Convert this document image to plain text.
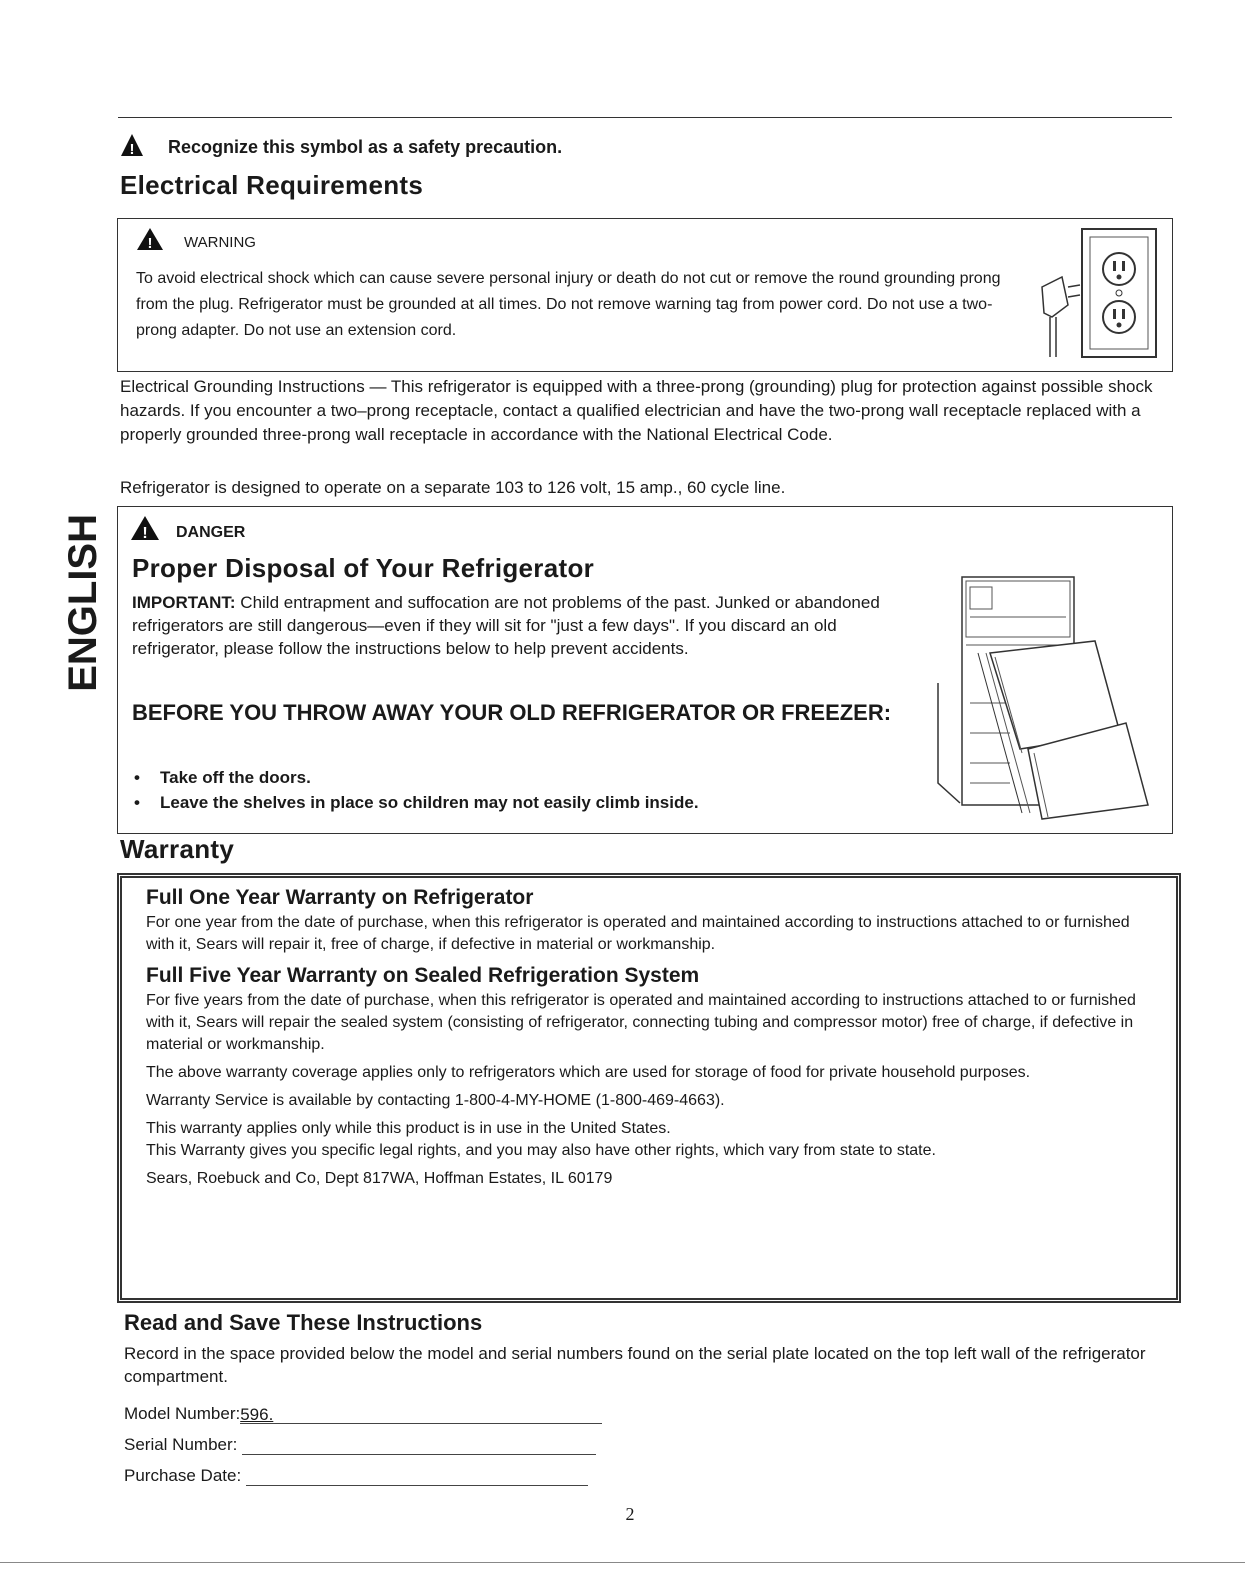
! Recognize this symbol as a safety precaution.
Electrical Requirements
! WARNING
To avoid electrical shock which can cause severe personal injury or death do not cut or remove the round grounding prong from the plug. Refrigerator must be grounded at all times. Do not remove warning tag from power cord. Do not use a two-prong adapter. Do not use an extension cord.
Electrical Grounding Instructions — This refrigerator is equipped with a three-prong (grounding) plug for protection against possible shock hazards. If you encounter a two–prong receptacle, contact a qualified electrician and have the two-prong wall receptacle replaced with a properly grounded three-prong wall receptacle in accordance with the National Electrical Code.
Refrigerator is designed to operate on a separate 103 to 126 volt, 15 amp., 60 cycle line.
ENGLISH ! DANGER
Proper Disposal of Your Refrigerator
IMPORTANT: Child entrapment and suffocation are not problems of the past. Junked or abandoned refrigerators are still dangerous—even if they will sit for "just a few days". If you discard an old refrigerator, please follow the instructions below to help prevent accidents.
BEFORE YOU THROW AWAY YOUR OLD REFRIGERATOR OR FREEZER:
• Take off the doors.
• Leave the shelves in place so children may not easily climb inside.
Warranty

Full One Year Warranty on Refrigerator

For one year from the date of purchase, when this refrigerator is operated and maintained according to instructions attached to or furnished with it, Sears will repair it, free of charge, if defective in material or workmanship.

Full Five Year Warranty on Sealed Refrigeration System

For five years from the date of purchase, when this refrigerator is operated and maintained according to instructions attached to or furnished with it, Sears will repair the sealed system (consisting of refrigerator, connecting tubing and compressor motor) free of charge, if defective in material or workmanship.

The above warranty coverage applies only to refrigerators which are used for storage of food for private household purposes.

Warranty Service is available by contacting 1-800-4-MY-HOME (1-800-469-4663).

This warranty applies only while this product is in use in the United States.

This Warranty gives you specific legal rights, and you may also have other rights, which vary from state to state.

Sears, Roebuck and Co, Dept 817WA, Hoffman Estates, IL 60179

Read and Save These Instructions
Record in the space provided below the model and serial numbers found on the serial plate located on the top left wall of the refrigerator compartment.
Model Number:596.
Serial Number:
Purchase Date:
2
